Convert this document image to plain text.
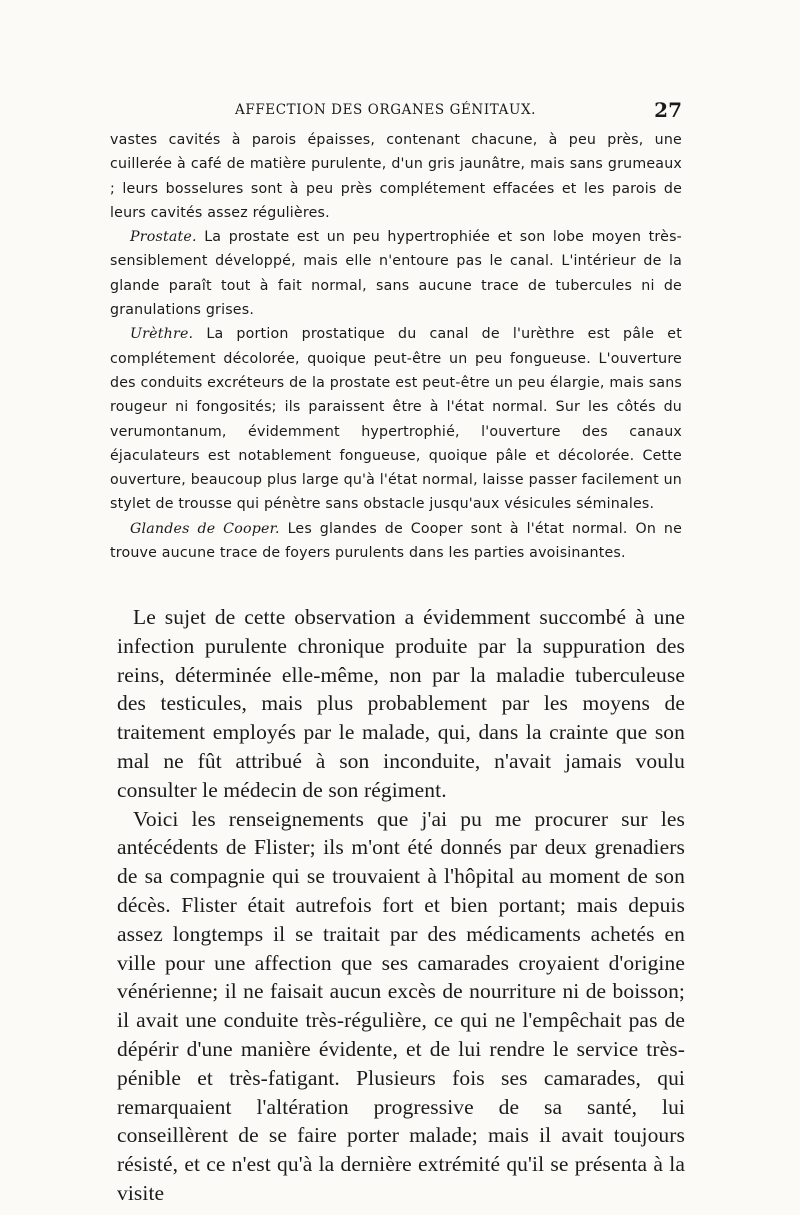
AFFECTION DES ORGANES GÉNITAUX.	27

vastes cavités à parois épaisses, contenant chacune, à peu près, une cuillerée à café de matière purulente, d'un gris jaunâtre, mais sans grumeaux ; leurs bosselures sont à peu près complétement effacées et les parois de leurs cavités assez régulières.

Prostate. La prostate est un peu hypertrophiée et son lobe moyen très-sensiblement développé, mais elle n'entoure pas le canal. L'intérieur de la glande paraît tout à fait normal, sans aucune trace de tubercules ni de granulations grises.

Urèthre. La portion prostatique du canal de l'urèthre est pâle et complétement décolorée, quoique peut-être un peu fongueuse. L'ouverture des conduits excréteurs de la prostate est peut-être un peu élargie, mais sans rougeur ni fongosités; ils paraissent être à l'état normal. Sur les côtés du verumontanum, évidemment hypertrophié, l'ouverture des canaux éjaculateurs est notablement fongueuse, quoique pâle et décolorée. Cette ouverture, beaucoup plus large qu'à l'état normal, laisse passer facilement un stylet de trousse qui pénètre sans obstacle jusqu'aux vésicules séminales.

Glandes de Cooper. Les glandes de Cooper sont à l'état normal. On ne trouve aucune trace de foyers purulents dans les parties avoisinantes.

Le sujet de cette observation a évidemment succombé à une infection purulente chronique produite par la suppuration des reins, déterminée elle-même, non par la maladie tuberculeuse des testicules, mais plus probablement par les moyens de traitement employés par le malade, qui, dans la crainte que son mal ne fût attribué à son inconduite, n'avait jamais voulu consulter le médecin de son régiment.

Voici les renseignements que j'ai pu me procurer sur les antécédents de Flister; ils m'ont été donnés par deux grenadiers de sa compagnie qui se trouvaient à l'hôpital au moment de son décès. Flister était autrefois fort et bien portant; mais depuis assez longtemps il se traitait par des médicaments achetés en ville pour une affection que ses camarades croyaient d'origine vénérienne; il ne faisait aucun excès de nourriture ni de boisson; il avait une conduite très-régulière, ce qui ne l'empêchait pas de dépérir d'une manière évidente, et de lui rendre le service très-pénible et très-fatigant. Plusieurs fois ses camarades, qui remarquaient l'altération progressive de sa santé, lui conseillèrent de se faire porter malade; mais il avait toujours résisté, et ce n'est qu'à la dernière extrémité qu'il se présenta à la visite
